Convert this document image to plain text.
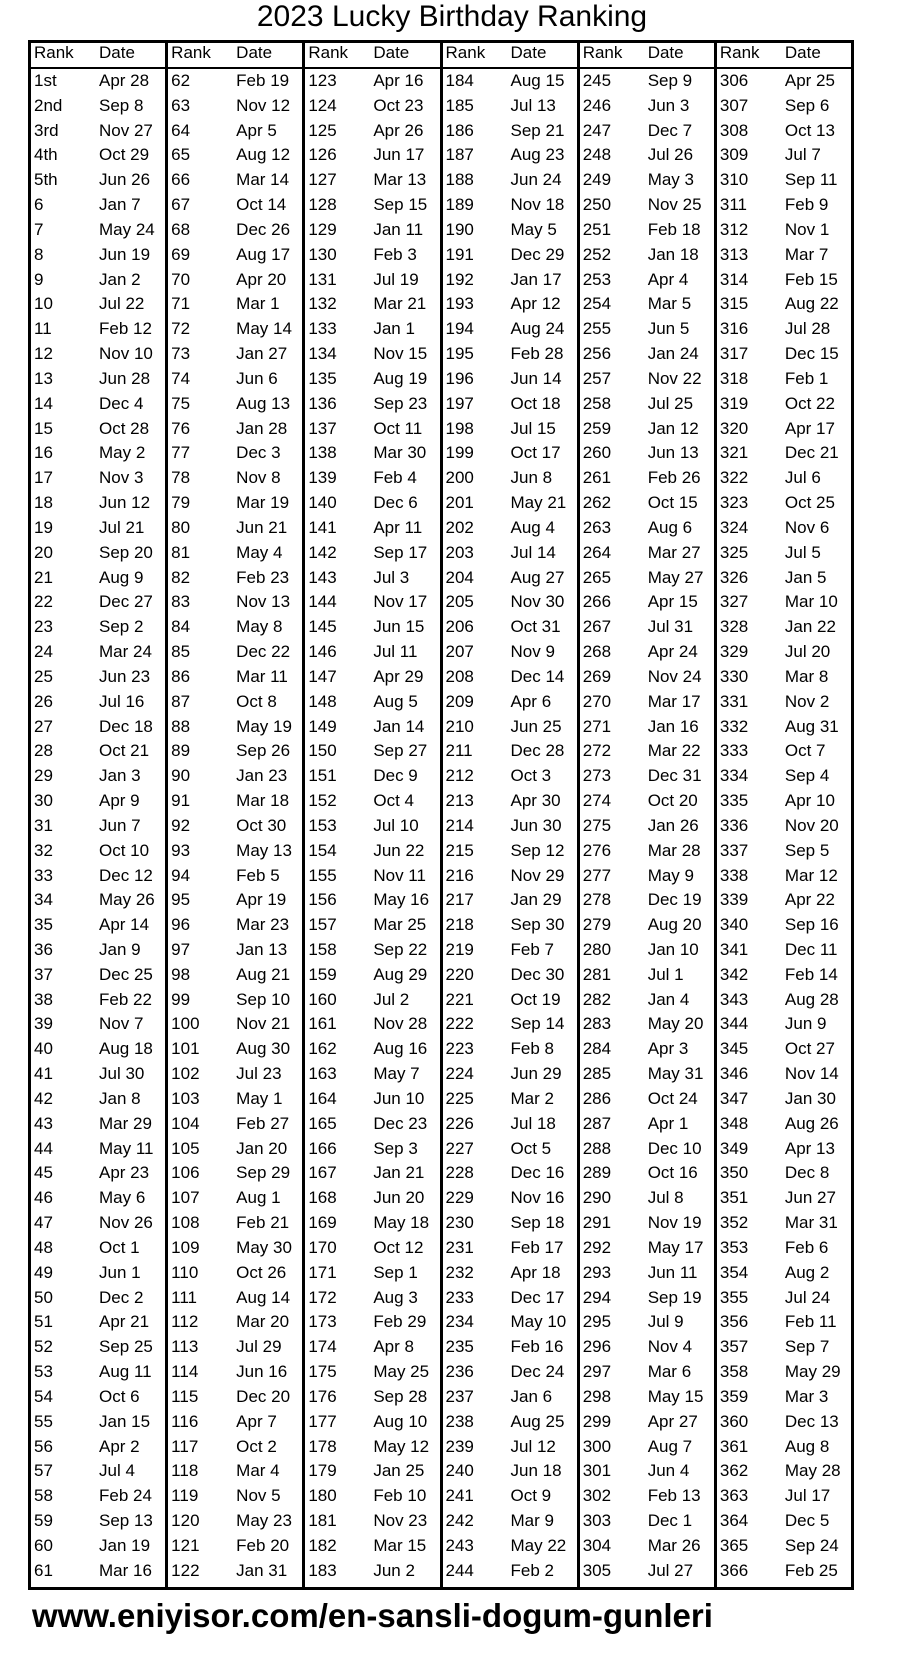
2023 Lucky Birthday Ranking
Rank Date
1st Apr 28
2nd Sep 8
3rd Nov 27
4th Oct 29
5th Jun 26
6	Jan 7
7	May 24
8	Jun 19
9	Jan 2
10	Jul 22
11	Feb 12
12	Nov 10
13	Jun 28
14	Dec 4
15	Oct 28
16	May 2
17	Nov 3
18	Jun 12
19	Jul 21
20	Sep 20
21	Aug 9
22	Dec 27
23	Sep 2
24	Mar 24
25	Jun 23
26	Jul 16
27	Dec 18
28	Oct 21
29	Jan 3
30	Apr 9
31	Jun 7
32	Oct 10
33	Dec 12
34	May 26
35	Apr 14
36	Jan 9
37	Dec 25
38	Feb 22
39	Nov 7
40	Aug 18
41	Jul 30
42	Jan 8
43	Mar 29
44	May 11
45	Apr 23
46	May 6
47	Nov 26
48	Oct 1
49	Jun 1
50	Dec 2
51	Apr 21
52	Sep 25
53	Aug 11
54	Oct 6
55	Jan 15
56	Apr 2
57	Jul 4
58	Feb 24
59	Sep 13
60	Jan 19
61	Mar 16
Rank Date
62	Feb 19
63	Nov 12
64	Apr 5
65	Aug 12
66	Mar 14
67	Oct 14
68	Dec 26
69	Aug 17
70	Apr 20
71	Mar 1
72	May 14
73	Jan 27
74	Jun 6
75	Aug 13
76	Jan 28
77	Dec 3
78	Nov 8
79	Mar 19
80	Jun 21
81	May 4
82	Feb 23
83	Nov 13
84	May 8
85	Dec 22
86	Mar 11
87	Oct 8
88	May 19
89	Sep 26
90	Jan 23
91	Mar 18
92	Oct 30
93	May 13
94	Feb 5
95	Apr 19
96	Mar 23
97	Jan 13
98	Aug 21
99	Sep 10
100 Nov 21
101 Aug 30
102 Jul 23
103 May 1
104 Feb 27
105 Jan 20
106 Sep 29
107 Aug 1
108 Feb 21
109 May 30
110 Oct 26
111 Aug 14
112 Mar 20
113 Jul 29
114 Jun 16
115 Dec 20
116 Apr 7
117 Oct 2
118 Mar 4
119 Nov 5
120 May 23
121 Feb 20
122 Jan 31
Rank Date
123 Apr 16
124 Oct 23
125 Apr 26
126 Jun 17
127 Mar 13
128 Sep 15
129 Jan 11
130 Feb 3
131 Jul 19
132 Mar 21
133 Jan 1
134 Nov 15
135 Aug 19
136 Sep 23
137 Oct 11
138 Mar 30
139 Feb 4
140 Dec 6
141 Apr 11
142 Sep 17
143 Jul 3
144 Nov 17
145 Jun 15
146 Jul 11
147 Apr 29
148 Aug 5
149 Jan 14
150 Sep 27
151 Dec 9
152 Oct 4
153 Jul 10
154 Jun 22
155 Nov 11
156 May 16
157 Mar 25
158 Sep 22
159 Aug 29
160 Jul 2
161 Nov 28
162 Aug 16
163 May 7
164 Jun 10
165 Dec 23
166 Sep 3
167 Jan 21
168 Jun 20
169 May 18
170 Oct 12
171 Sep 1
172 Aug 3
173 Feb 29
174 Apr 8
175 May 25
176 Sep 28
177 Aug 10
178 May 12
179 Jan 25
180 Feb 10
181 Nov 23
182 Mar 15
183 Jun 2
Rank Date
184 Aug 15
185 Jul 13
186 Sep 21
187 Aug 23
188 Jun 24
189 Nov 18
190 May 5
191 Dec 29
192 Jan 17
193 Apr 12
194 Aug 24
195 Feb 28
196 Jun 14
197 Oct 18
198 Jul 15
199 Oct 17
200 Jun 8
201 May 21
202 Aug 4
203 Jul 14
204 Aug 27
205 Nov 30
206 Oct 31
207 Nov 9
208 Dec 14
209 Apr 6
210 Jun 25
211 Dec 28
212 Oct 3
213 Apr 30
214 Jun 30
215 Sep 12
216 Nov 29
217 Jan 29
218 Sep 30
219 Feb 7
220 Dec 30
221 Oct 19
222 Sep 14
223 Feb 8
224 Jun 29
225 Mar 2
226 Jul 18
227 Oct 5
228 Dec 16
229 Nov 16
230 Sep 18
231 Feb 17
232 Apr 18
233 Dec 17
234 May 10
235 Feb 16
236 Dec 24
237 Jan 6
238 Aug 25
239 Jul 12
240 Jun 18
241 Oct 9
242 Mar 9
243 May 22
244 Feb 2
Rank Date
245 Sep 9
246 Jun 3
247 Dec 7
248 Jul 26
249 May 3
250 Nov 25
251 Feb 18
252 Jan 18
253 Apr 4
254 Mar 5
255 Jun 5
256 Jan 24
257 Nov 22
258 Jul 25
259 Jan 12
260 Jun 13
261 Feb 26
262 Oct 15
263 Aug 6
264 Mar 27
265 May 27
266 Apr 15
267 Jul 31
268 Apr 24
269 Nov 24
270 Mar 17
271 Jan 16
272 Mar 22
273 Dec 31
274 Oct 20
275 Jan 26
276 Mar 28
277 May 9
278 Dec 19
279 Aug 20
280 Jan 10
281 Jul 1
282 Jan 4
283 May 20
284 Apr 3
285 May 31
286 Oct 24
287 Apr 1
288 Dec 10
289 Oct 16
290 Jul 8
291 Nov 19
292 May 17
293 Jun 11
294 Sep 19
295 Jul 9
296 Nov 4
297 Mar 6
298 May 15
299 Apr 27
300 Aug 7
301 Jun 4
302 Feb 13
303 Dec 1
304 Mar 26
305 Jul 27
Rank Date
306 Apr 25
307 Sep 6
308 Oct 13
309 Jul 7
310 Sep 11
311 Feb 9
312 Nov 1
313 Mar 7
314 Feb 15
315 Aug 22
316 Jul 28
317 Dec 15
318 Feb 1
319 Oct 22
320 Apr 17
321 Dec 21
322 Jul 6
323 Oct 25
324 Nov 6
325 Jul 5
326 Jan 5
327 Mar 10
328 Jan 22
329 Jul 20
330 Mar 8
331 Nov 2
332 Aug 31
333 Oct 7
334 Sep 4
335 Apr 10
336 Nov 20
337 Sep 5
338 Mar 12
339 Apr 22
340 Sep 16
341 Dec 11
342 Feb 14
343 Aug 28
344 Jun 9
345 Oct 27
346 Nov 14
347 Jan 30
348 Aug 26
349 Apr 13
350 Dec 8
351 Jun 27
352 Mar 31
353 Feb 6
354 Aug 2
355 Jul 24
356 Feb 11
357 Sep 7
358 May 29
359 Mar 3
360 Dec 13
361 Aug 8
362 May 28
363 Jul 17
364 Dec 5
365 Sep 24
366 Feb 25
www.eniyisor.com/en-sansli-dogum-gunleri
